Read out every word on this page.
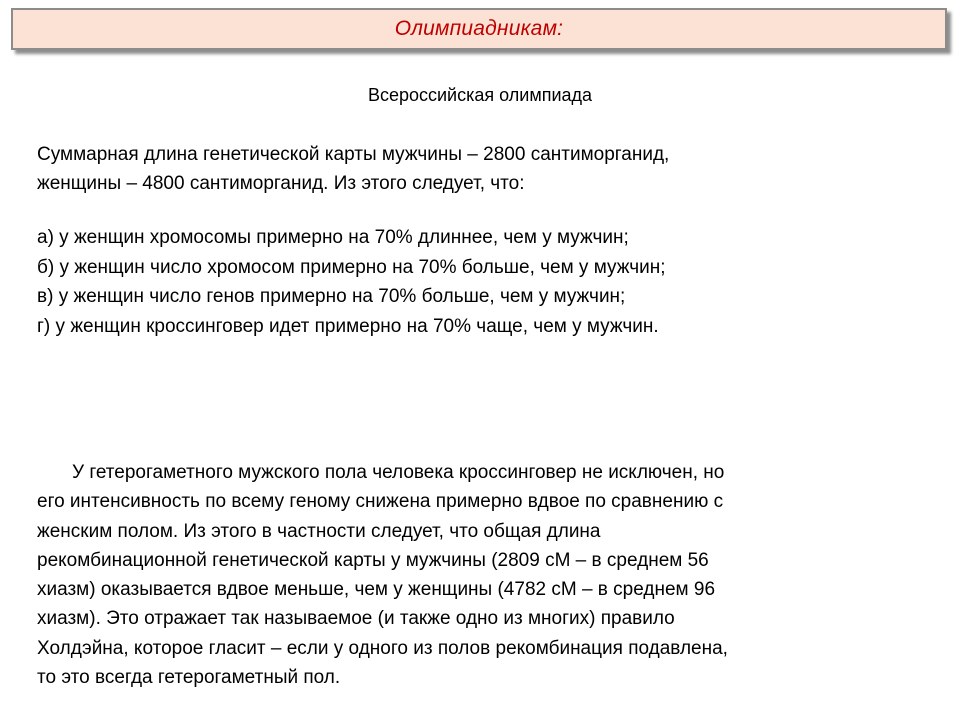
Олимпиадникам:
Всероссийская олимпиада

Суммарная длина генетической карты мужчины – 2800 сантиморганид,

женщины – 4800 сантиморганид. Из этого следует, что:

а) у женщин хромосомы примерно на 70% длиннее, чем у мужчин;
б) у женщин число хромосом примерно на 70% больше, чем у мужчин;
в) у женщин число генов примерно на 70% больше, чем у мужчин;
г) у женщин кроссинговер идет примерно на 70% чаще, чем у мужчин.
У гетерогаметного мужского пола человека кроссинговер не исключен, но
его интенсивность по всему геному снижена примерно вдвое по сравнению с
женским полом. Из этого в частности следует, что общая длина
рекомбинационной генетической карты у мужчины (2809 сМ – в среднем 56
хиазм) оказывается вдвое меньше, чем у женщины (4782 сМ – в среднем 96
хиазм). Это отражает так называемое (и также одно из многих) правило
Холдэйна, которое гласит – если у одного из полов рекомбинация подавлена,
то это всегда гетерогаметный пол.
